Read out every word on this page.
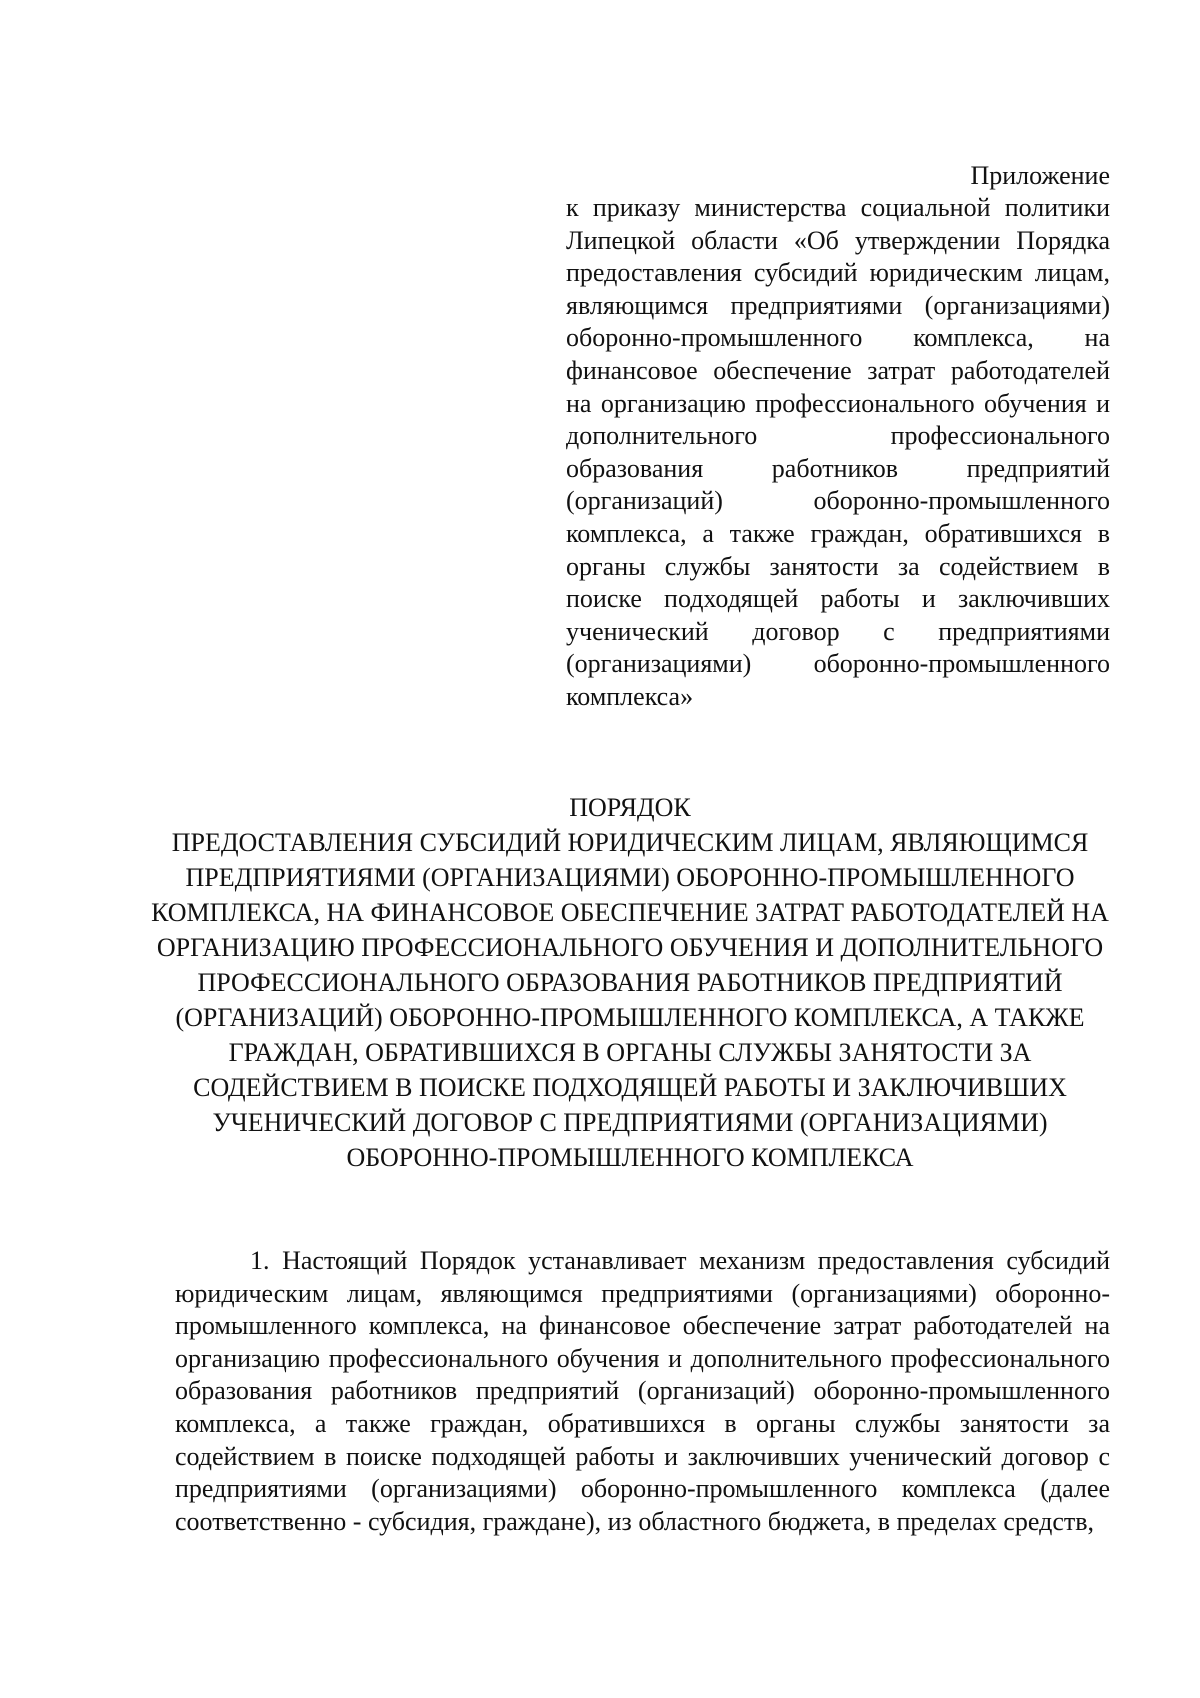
Приложение
к приказу министерства социальной политики Липецкой области «Об утверждении Порядка предоставления субсидий юридическим лицам, являющимся предприятиями (организациями) оборонно-промышленного комплекса, на финансовое обеспечение затрат работодателей на организацию профессионального обучения и дополнительного профессионального образования работников предприятий (организаций) оборонно-промышленного комплекса, а также граждан, обратившихся в органы службы занятости за содействием в поиске подходящей работы и заключивших ученический договор с предприятиями (организациями) оборонно-промышленного комплекса»
ПОРЯДОК
ПРЕДОСТАВЛЕНИЯ СУБСИДИЙ ЮРИДИЧЕСКИМ ЛИЦАМ, ЯВЛЯЮЩИМСЯ ПРЕДПРИЯТИЯМИ (ОРГАНИЗАЦИЯМИ) ОБОРОННО-ПРОМЫШЛЕННОГО КОМПЛЕКСА, НА ФИНАНСОВОЕ ОБЕСПЕЧЕНИЕ ЗАТРАТ РАБОТОДАТЕЛЕЙ НА ОРГАНИЗАЦИЮ ПРОФЕССИОНАЛЬНОГО ОБУЧЕНИЯ И ДОПОЛНИТЕЛЬНОГО ПРОФЕССИОНАЛЬНОГО ОБРАЗОВАНИЯ РАБОТНИКОВ ПРЕДПРИЯТИЙ (ОРГАНИЗАЦИЙ) ОБОРОННО-ПРОМЫШЛЕННОГО КОМПЛЕКСА, А ТАКЖЕ ГРАЖДАН, ОБРАТИВШИХСЯ В ОРГАНЫ СЛУЖБЫ ЗАНЯТОСТИ ЗА СОДЕЙСТВИЕМ В ПОИСКЕ ПОДХОДЯЩЕЙ РАБОТЫ И ЗАКЛЮЧИВШИХ УЧЕНИЧЕСКИЙ ДОГОВОР С ПРЕДПРИЯТИЯМИ (ОРГАНИЗАЦИЯМИ) ОБОРОННО-ПРОМЫШЛЕННОГО КОМПЛЕКСА
1. Настоящий Порядок устанавливает механизм предоставления субсидий юридическим лицам, являющимся предприятиями (организациями) оборонно-промышленного комплекса, на финансовое обеспечение затрат работодателей на организацию профессионального обучения и дополнительного профессионального образования работников предприятий (организаций) оборонно-промышленного комплекса, а также граждан, обратившихся в органы службы занятости за содействием в поиске подходящей работы и заключивших ученический договор с предприятиями (организациями) оборонно-промышленного комплекса (далее соответственно - субсидия, граждане), из областного бюджета, в пределах средств,
